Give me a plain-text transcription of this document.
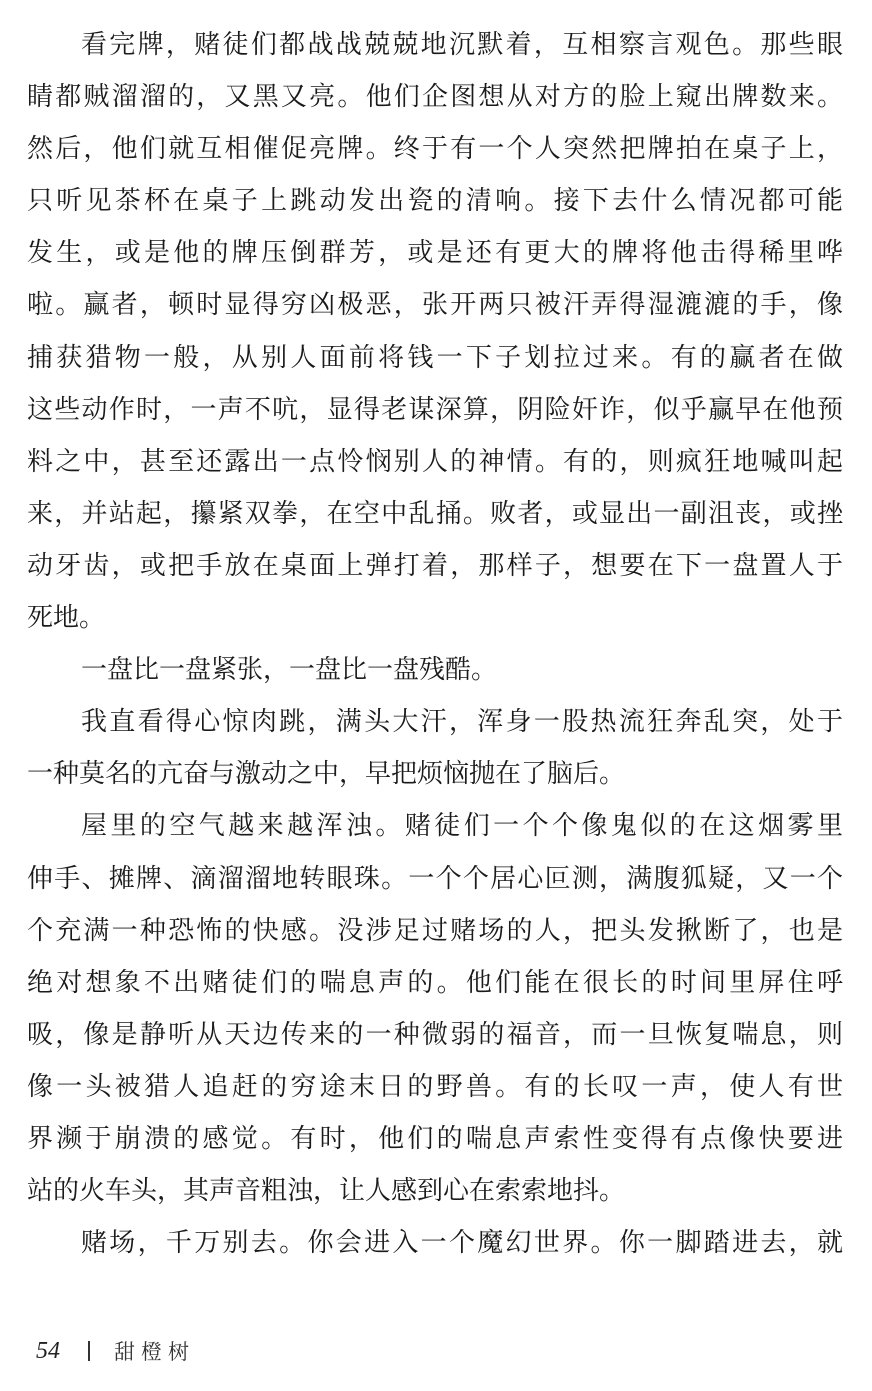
看完牌，赌徒们都战战兢兢地沉默着，互相察言观色。那些眼
睛都贼溜溜的，又黑又亮。他们企图想从对方的脸上窥出牌数来。
然后，他们就互相催促亮牌。终于有一个人突然把牌拍在桌子上，
只听见茶杯在桌子上跳动发出瓷的清响。接下去什么情况都可能
发生，或是他的牌压倒群芳，或是还有更大的牌将他击得稀里哗
啦。赢者，顿时显得穷凶极恶，张开两只被汗弄得湿漉漉的手，像
捕获猎物一般，从别人面前将钱一下子划拉过来。有的赢者在做
这些动作时，一声不吭，显得老谋深算，阴险奸诈，似乎赢早在他预
料之中，甚至还露出一点怜悯别人的神情。有的，则疯狂地喊叫起
来，并站起，攥紧双拳，在空中乱捅。败者，或显出一副沮丧，或挫
动牙齿，或把手放在桌面上弹打着，那样子，想要在下一盘置人于
死地。
一盘比一盘紧张，一盘比一盘残酷。
我直看得心惊肉跳，满头大汗，浑身一股热流狂奔乱突，处于
一种莫名的亢奋与激动之中，早把烦恼抛在了脑后。
屋里的空气越来越浑浊。赌徒们一个个像鬼似的在这烟雾里
伸手、摊牌、滴溜溜地转眼珠。一个个居心叵测，满腹狐疑，又一个
个充满一种恐怖的快感。没涉足过赌场的人，把头发揪断了，也是
绝对想象不出赌徒们的喘息声的。他们能在很长的时间里屏住呼
吸，像是静听从天边传来的一种微弱的福音，而一旦恢复喘息，则
像一头被猎人追赶的穷途末日的野兽。有的长叹一声，使人有世
界濒于崩溃的感觉。有时，他们的喘息声索性变得有点像快要进
站的火车头，其声音粗浊，让人感到心在索索地抖。
赌场，千万别去。你会进入一个魔幻世界。你一脚踏进去，就
54	甜橙树
